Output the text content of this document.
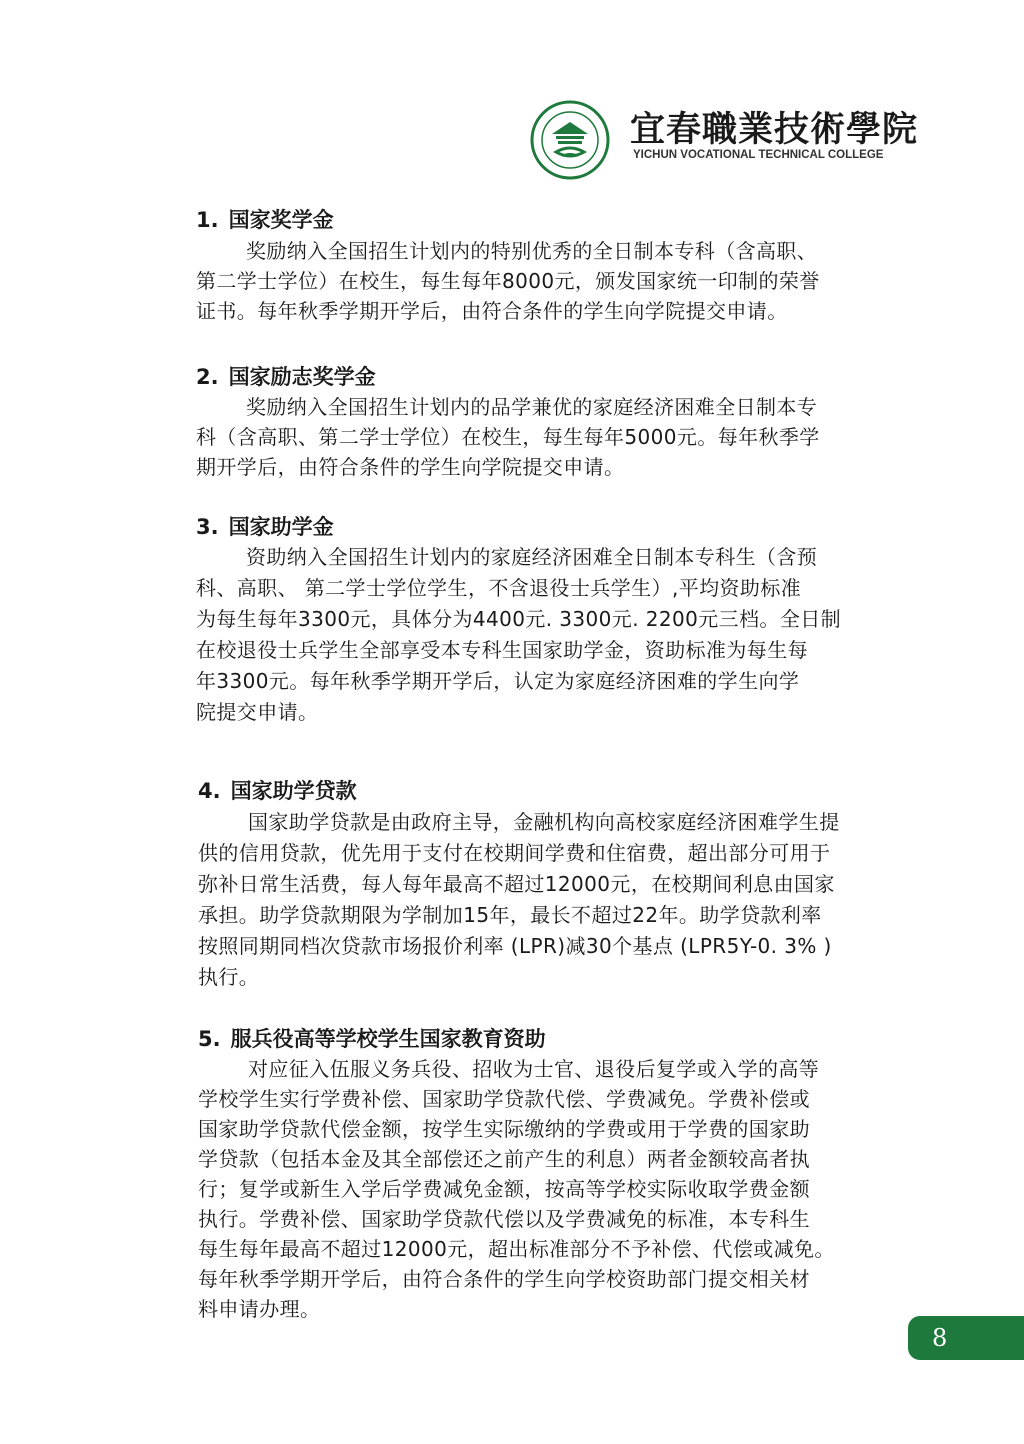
宜春職業技術學院
YICHUN VOCATIONAL TECHNICAL COLLEGE
1. 国家奖学金
奖励纳入全国招生计划内的特别优秀的全日制本专科（含高职、
第二学士学位）在校生，每生每年8000元，颁发国家统一印制的荣誉
证书。每年秋季学期开学后，由符合条件的学生向学院提交申请。
2. 国家励志奖学金
奖励纳入全国招生计划内的品学兼优的家庭经济困难全日制本专
科（含高职、第二学士学位）在校生，每生每年5000元。每年秋季学
期开学后，由符合条件的学生向学院提交申请。
3. 国家助学金
资助纳入全国招生计划内的家庭经济困难全日制本专科生（含预
科、高职、 第二学士学位学生，不含退役士兵学生）,平均资助标准
为每生每年3300元，具体分为4400元. 3300元. 2200元三档。全日制
在校退役士兵学生全部享受本专科生国家助学金，资助标准为每生每
年3300元。每年秋季学期开学后，认定为家庭经济困难的学生向学
院提交申请。
4. 国家助学贷款
国家助学贷款是由政府主导，金融机构向高校家庭经济困难学生提
供的信用贷款，优先用于支付在校期间学费和住宿费，超出部分可用于
弥补日常生活费，每人每年最高不超过12000元，在校期间利息由国家
承担。助学贷款期限为学制加15年，最长不超过22年。助学贷款利率
按照同期同档次贷款市场报价利率 (LPR)减30个基点 (LPR5Y-0. 3% )
执行。
5. 服兵役高等学校学生国家教育资助
对应征入伍服义务兵役、招收为士官、退役后复学或入学的高等
学校学生实行学费补偿、国家助学贷款代偿、学费减免。学费补偿或
国家助学贷款代偿金额，按学生实际缴纳的学费或用于学费的国家助
学贷款（包括本金及其全部偿还之前产生的利息）两者金额较高者执
行；复学或新生入学后学费减免金额，按高等学校实际收取学费金额
执行。学费补偿、国家助学贷款代偿以及学费减免的标准，本专科生
每生每年最高不超过12000元，超出标准部分不予补偿、代偿或减免。
每年秋季学期开学后，由符合条件的学生向学校资助部门提交相关材
料申请办理。
8
